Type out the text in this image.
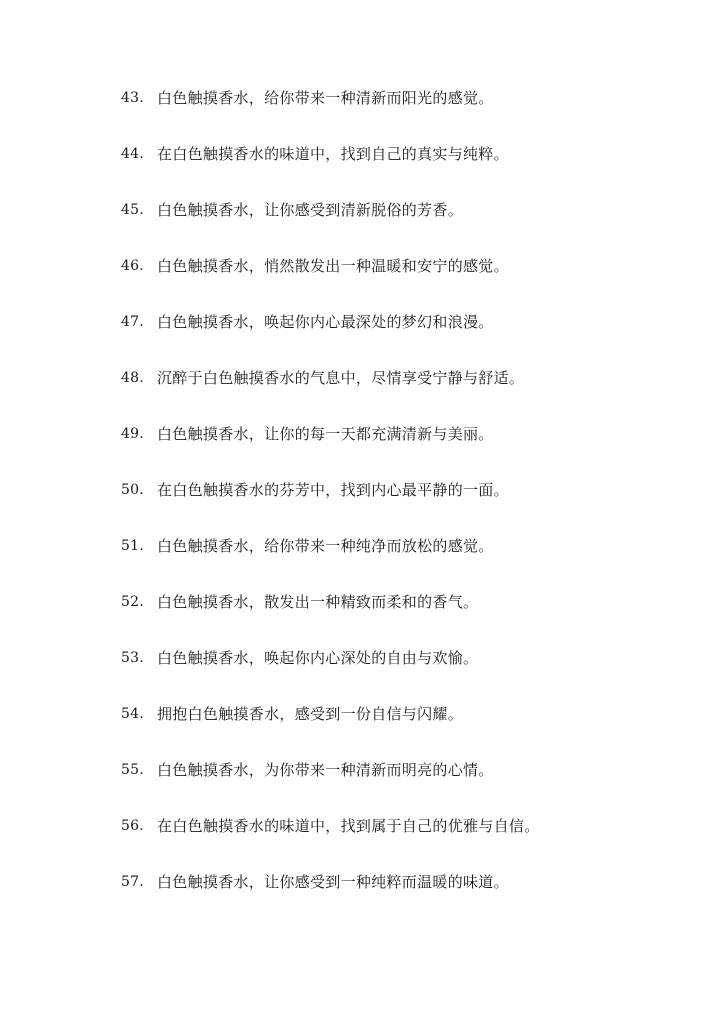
43. 白色触摸香水，给你带来一种清新而阳光的感觉。
44. 在白色触摸香水的味道中，找到自己的真实与纯粹。
45. 白色触摸香水，让你感受到清新脱俗的芳香。
46. 白色触摸香水，悄然散发出一种温暖和安宁的感觉。
47. 白色触摸香水，唤起你内心最深处的梦幻和浪漫。
48. 沉醉于白色触摸香水的气息中，尽情享受宁静与舒适。
49. 白色触摸香水，让你的每一天都充满清新与美丽。
50. 在白色触摸香水的芬芳中，找到内心最平静的一面。
51. 白色触摸香水，给你带来一种纯净而放松的感觉。
52. 白色触摸香水，散发出一种精致而柔和的香气。
53. 白色触摸香水，唤起你内心深处的自由与欢愉。
54. 拥抱白色触摸香水，感受到一份自信与闪耀。
55. 白色触摸香水，为你带来一种清新而明亮的心情。
56. 在白色触摸香水的味道中，找到属于自己的优雅与自信。
57. 白色触摸香水，让你感受到一种纯粹而温暖的味道。
